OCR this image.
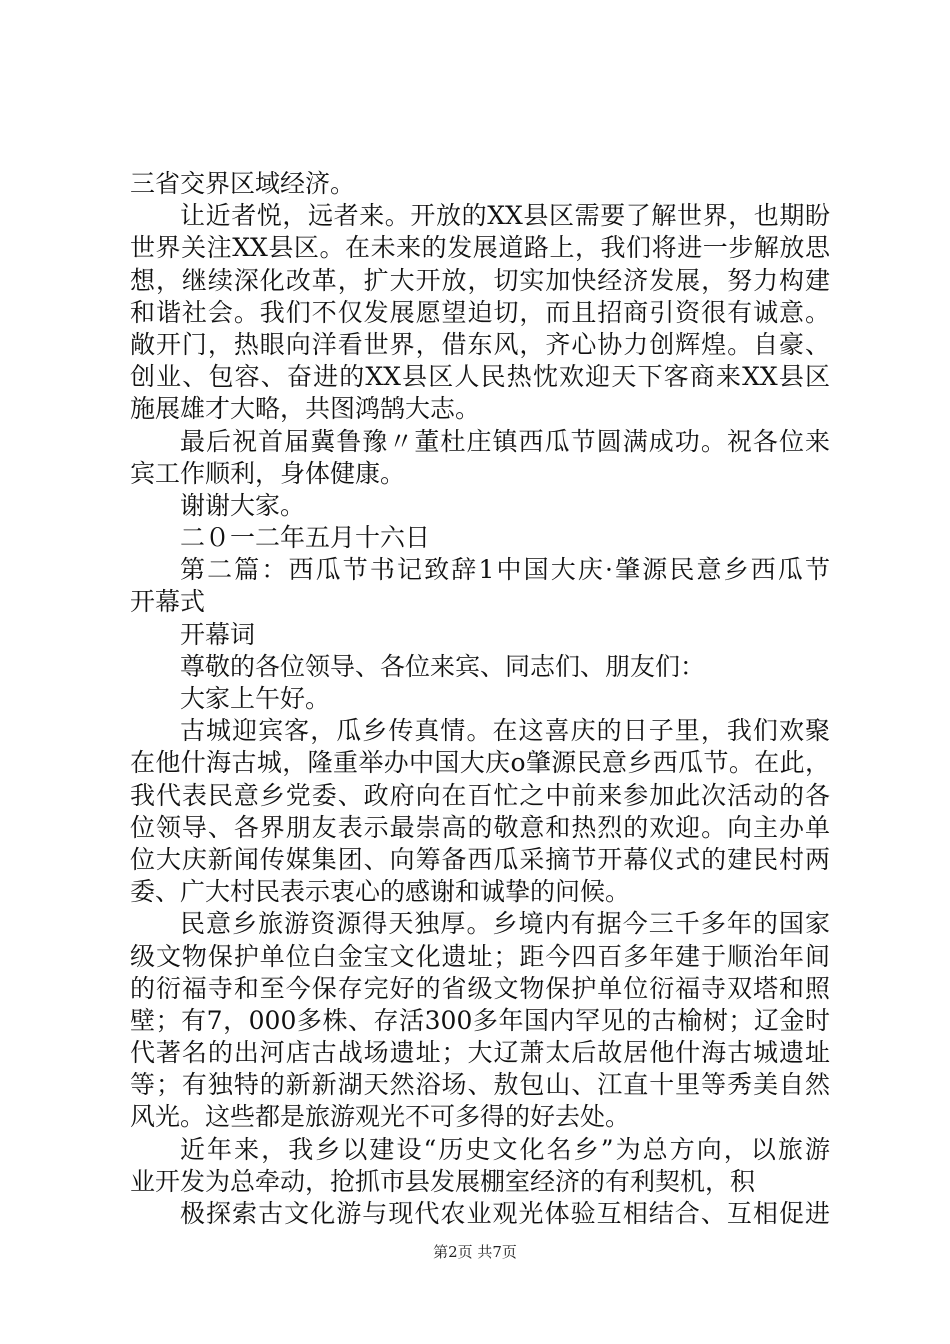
三省交界区域经济。
让近者悦，远者来。开放的XX县区需要了解世界，也期盼
世界关注XX县区。在未来的发展道路上，我们将进一步解放思
想，继续深化改革，扩大开放，切实加快经济发展，努力构建
和谐社会。我们不仅发展愿望迫切，而且招商引资很有诚意。
敞开门，热眼向洋看世界，借东风，齐心协力创辉煌。自豪、
创业、包容、奋进的XX县区人民热忱欢迎天下客商来XX县区
施展雄才大略，共图鸿鹄大志。
最后祝首届冀鲁豫〃董杜庄镇西瓜节圆满成功。祝各位来
宾工作顺利，身体健康。
谢谢大家。
二０一二年五月十六日
第二篇：西瓜节书记致辞1中国大庆·肇源民意乡西瓜节
开幕式
开幕词
尊敬的各位领导、各位来宾、同志们、朋友们：
大家上午好。
古城迎宾客，瓜乡传真情。在这喜庆的日子里，我们欢聚
在他什海古城，隆重举办中国大庆o肇源民意乡西瓜节。在此，
我代表民意乡党委、政府向在百忙之中前来参加此次活动的各
位领导、各界朋友表示最崇高的敬意和热烈的欢迎。向主办单
位大庆新闻传媒集团、向筹备西瓜采摘节开幕仪式的建民村两
委、广大村民表示衷心的感谢和诚挚的问候。
民意乡旅游资源得天独厚。乡境内有据今三千多年的国家
级文物保护单位白金宝文化遗址；距今四百多年建于顺治年间
的衍福寺和至今保存完好的省级文物保护单位衍福寺双塔和照
壁；有7，000多株、存活300多年国内罕见的古榆树；辽金时
代著名的出河店古战场遗址；大辽萧太后故居他什海古城遗址
等；有独特的新新湖天然浴场、敖包山、江直十里等秀美自然
风光。这些都是旅游观光不可多得的好去处。
近年来，我乡以建设“历史文化名乡”为总方向，以旅游
业开发为总牵动，抢抓市县发展棚室经济的有利契机，积
极探索古文化游与现代农业观光体验互相结合、互相促进
第2页 共7页
